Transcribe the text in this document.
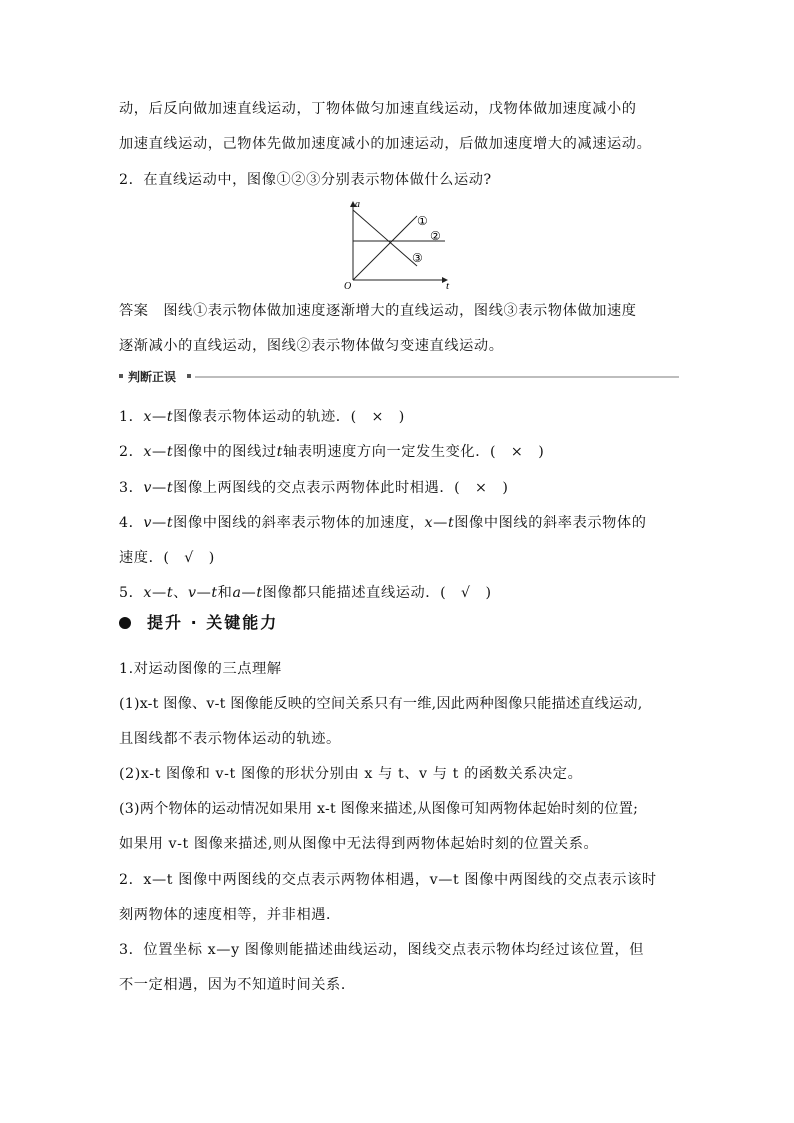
动，后反向做加速直线运动，丁物体做匀加速直线运动，戊物体做加速度减小的
加速直线运动，己物体先做加速度减小的加速运动，后做加速度增大的减速运动。
2．在直线运动中，图像①②③分别表示物体做什么运动?
a
t
O
①
②
③
答案　图线①表示物体做加速度逐渐增大的直线运动，图线③表示物体做加速度
逐渐减小的直线运动，图线②表示物体做匀变速直线运动。
判断正误
1．x—t图像表示物体运动的轨迹．(　×　)
2．x—t图像中的图线过t轴表明速度方向一定发生变化．(　×　)
3．v—t图像上两图线的交点表示两物体此时相遇．(　×　)
4．v—t图像中图线的斜率表示物体的加速度，x—t图像中图线的斜率表示物体的
速度．(　√　)
5．x—t、v—t和a—t图像都只能描述直线运动．(　√　)
提升 · 关键能力
1.对运动图像的三点理解
(1)x-t 图像、v-t 图像能反映的空间关系只有一维,因此两种图像只能描述直线运动,
且图线都不表示物体运动的轨迹。
(2)x-t 图像和 v-t 图像的形状分别由 x 与 t、v 与 t 的函数关系决定。
(3)两个物体的运动情况如果用 x-t 图像来描述,从图像可知两物体起始时刻的位置;
如果用 v-t 图像来描述,则从图像中无法得到两物体起始时刻的位置关系。
2．x—t 图像中两图线的交点表示两物体相遇，v—t 图像中两图线的交点表示该时
刻两物体的速度相等，并非相遇．
3．位置坐标 x—y 图像则能描述曲线运动，图线交点表示物体均经过该位置，但
不一定相遇，因为不知道时间关系．
